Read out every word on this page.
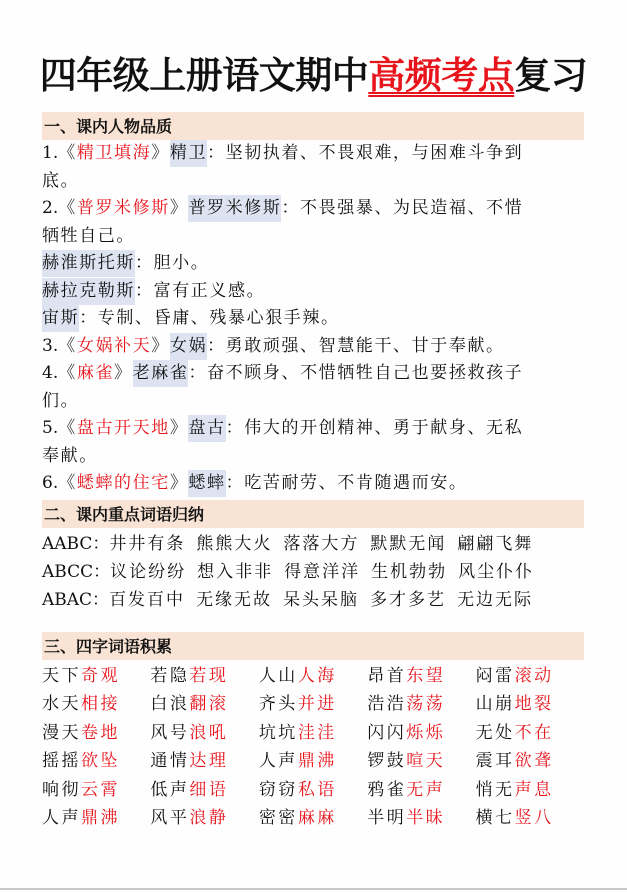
四年级上册语文期中高频考点复习
一、课内人物品质
1.《精卫填海》精卫：坚韧执着、不畏艰难，与困难斗争到
底。
2.《普罗米修斯》普罗米修斯：不畏强暴、为民造福、不惜
牺牲自己。
赫淮斯托斯：胆小。
赫拉克勒斯：富有正义感。
宙斯：专制、昏庸、残暴心狠手辣。
3.《女娲补天》女娲：勇敢顽强、智慧能干、甘于奉献。
4.《麻雀》老麻雀：奋不顾身、不惜牺牲自己也要拯救孩子
们。
5.《盘古开天地》盘古：伟大的开创精神、勇于献身、无私
奉献。
6.《蟋蟀的住宅》蟋蟀：吃苦耐劳、不肯随遇而安。
二、课内重点词语归纳
AABC：井井有条 熊熊大火 落落大方 默默无闻 翩翩飞舞
ABCC：议论纷纷 想入非非 得意洋洋 生机勃勃 风尘仆仆
ABAC：百发百中 无缘无故 呆头呆脑 多才多艺 无边无际
三、四字词语积累
天下奇观	若隐若现	人山人海	昂首东望	闷雷滚动
水天相接	白浪翻滚	齐头并进	浩浩荡荡	山崩地裂
漫天卷地	风号浪吼	坑坑洼洼	闪闪烁烁	无处不在
摇摇欲坠	通情达理	人声鼎沸	锣鼓喧天	震耳欲聋
响彻云霄	低声细语	窃窃私语	鸦雀无声	悄无声息
人声鼎沸	风平浪静	密密麻麻	半明半昧	横七竖八
